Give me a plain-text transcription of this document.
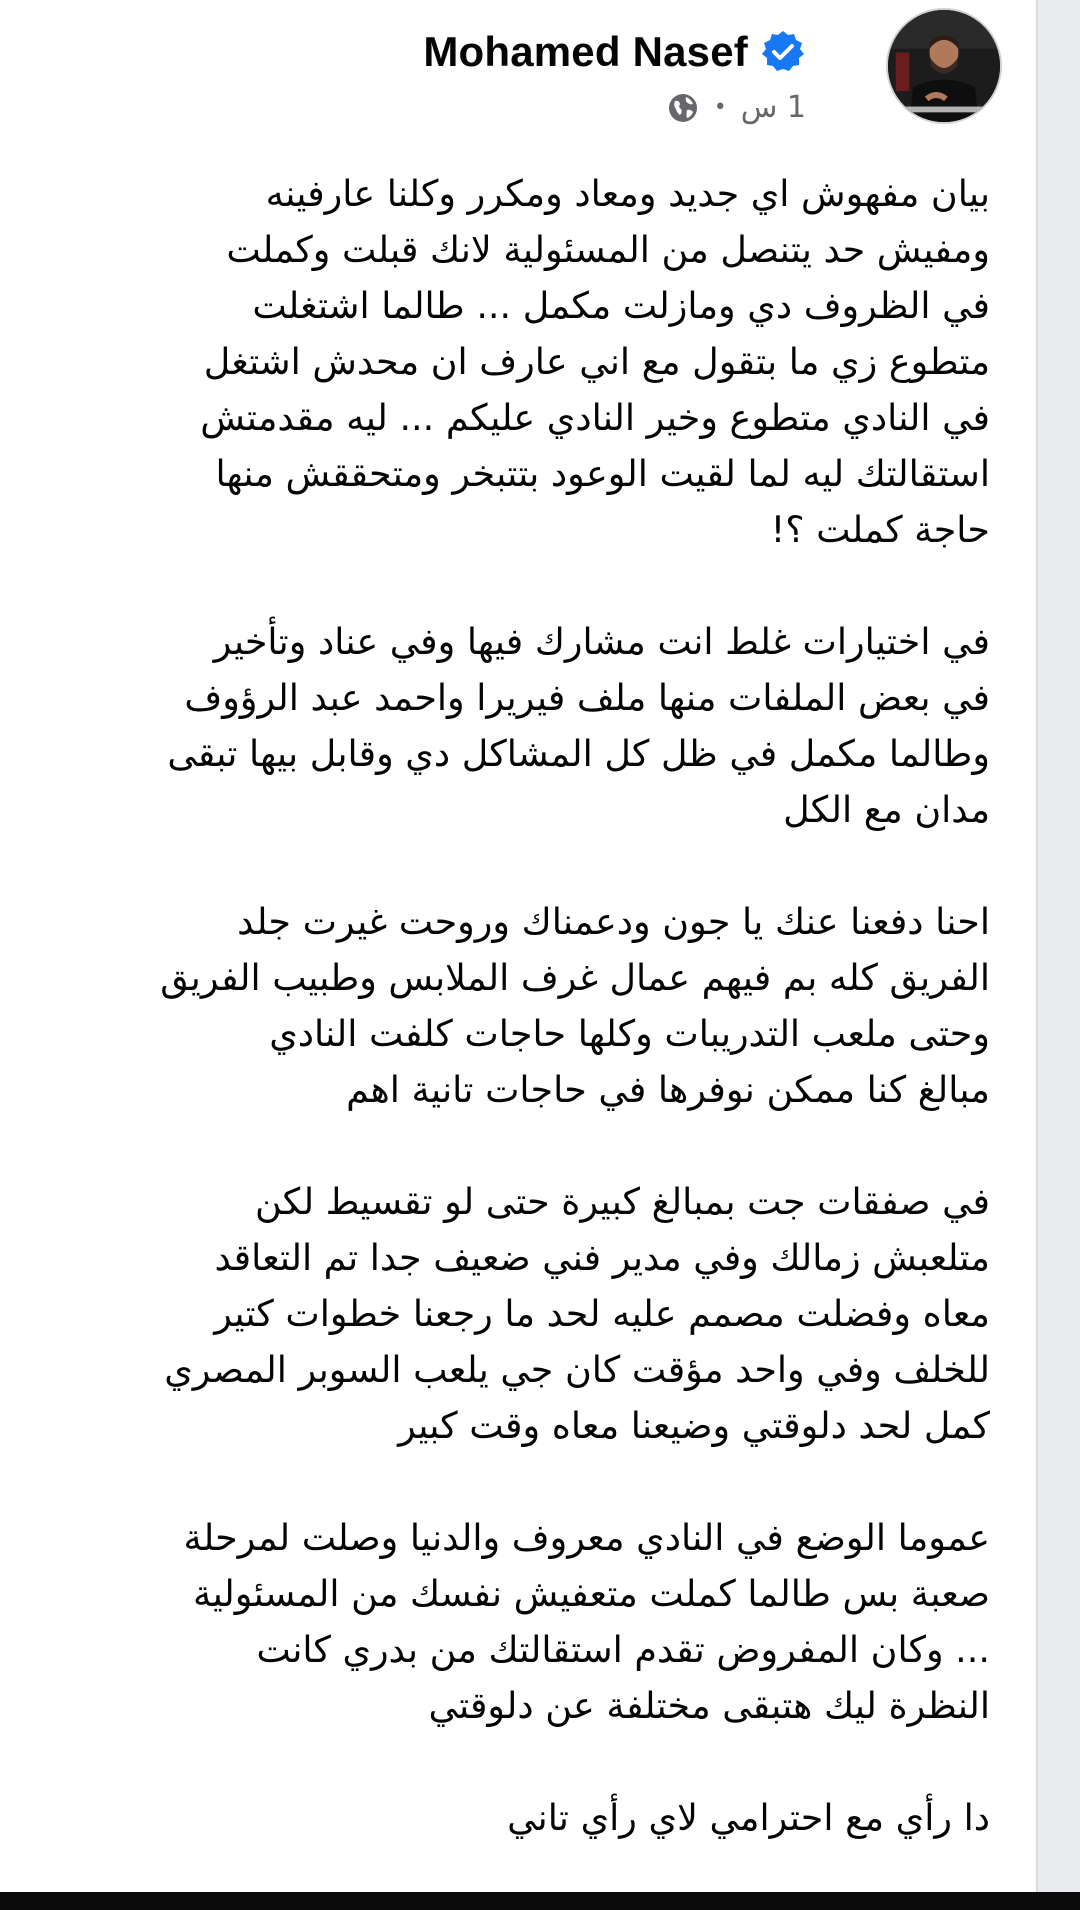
Mohamed Nasef
• 1 س
بيان مفهوش اي جديد ومعاد ومكرر وكلنا عارفينه
ومفيش حد يتنصل من المسئولية لانك قبلت وكملت
في الظروف دي ومازلت مكمل ... طالما اشتغلت
متطوع زي ما بتقول مع اني عارف ان محدش اشتغل
في النادي متطوع وخير النادي عليكم ... ليه مقدمتش
استقالتك ليه لما لقيت الوعود بتتبخر ومتحققش منها
حاجة كملت ؟!
في اختيارات غلط انت مشارك فيها وفي عناد وتأخير
في بعض الملفات منها ملف فيريرا واحمد عبد الرؤوف
وطالما مكمل في ظل كل المشاكل دي وقابل بيها تبقى
مدان مع الكل
احنا دفعنا عنك يا جون ودعمناك وروحت غيرت جلد
الفريق كله بم فيهم عمال غرف الملابس وطبيب الفريق
وحتى ملعب التدريبات وكلها حاجات كلفت النادي
مبالغ كنا ممكن نوفرها في حاجات تانية اهم
في صفقات جت بمبالغ كبيرة حتى لو تقسيط لكن
متلعبش زمالك وفي مدير فني ضعيف جدا تم التعاقد
معاه وفضلت مصمم عليه لحد ما رجعنا خطوات كتير
للخلف وفي واحد مؤقت كان جي يلعب السوبر المصري
كمل لحد دلوقتي وضيعنا معاه وقت كبير
عموما الوضع في النادي معروف والدنيا وصلت لمرحلة
صعبة بس طالما كملت متعفيش نفسك من المسئولية
... وكان المفروض تقدم استقالتك من بدري كانت
النظرة ليك هتبقى مختلفة عن دلوقتي
دا رأي مع احترامي لاي رأي تاني
